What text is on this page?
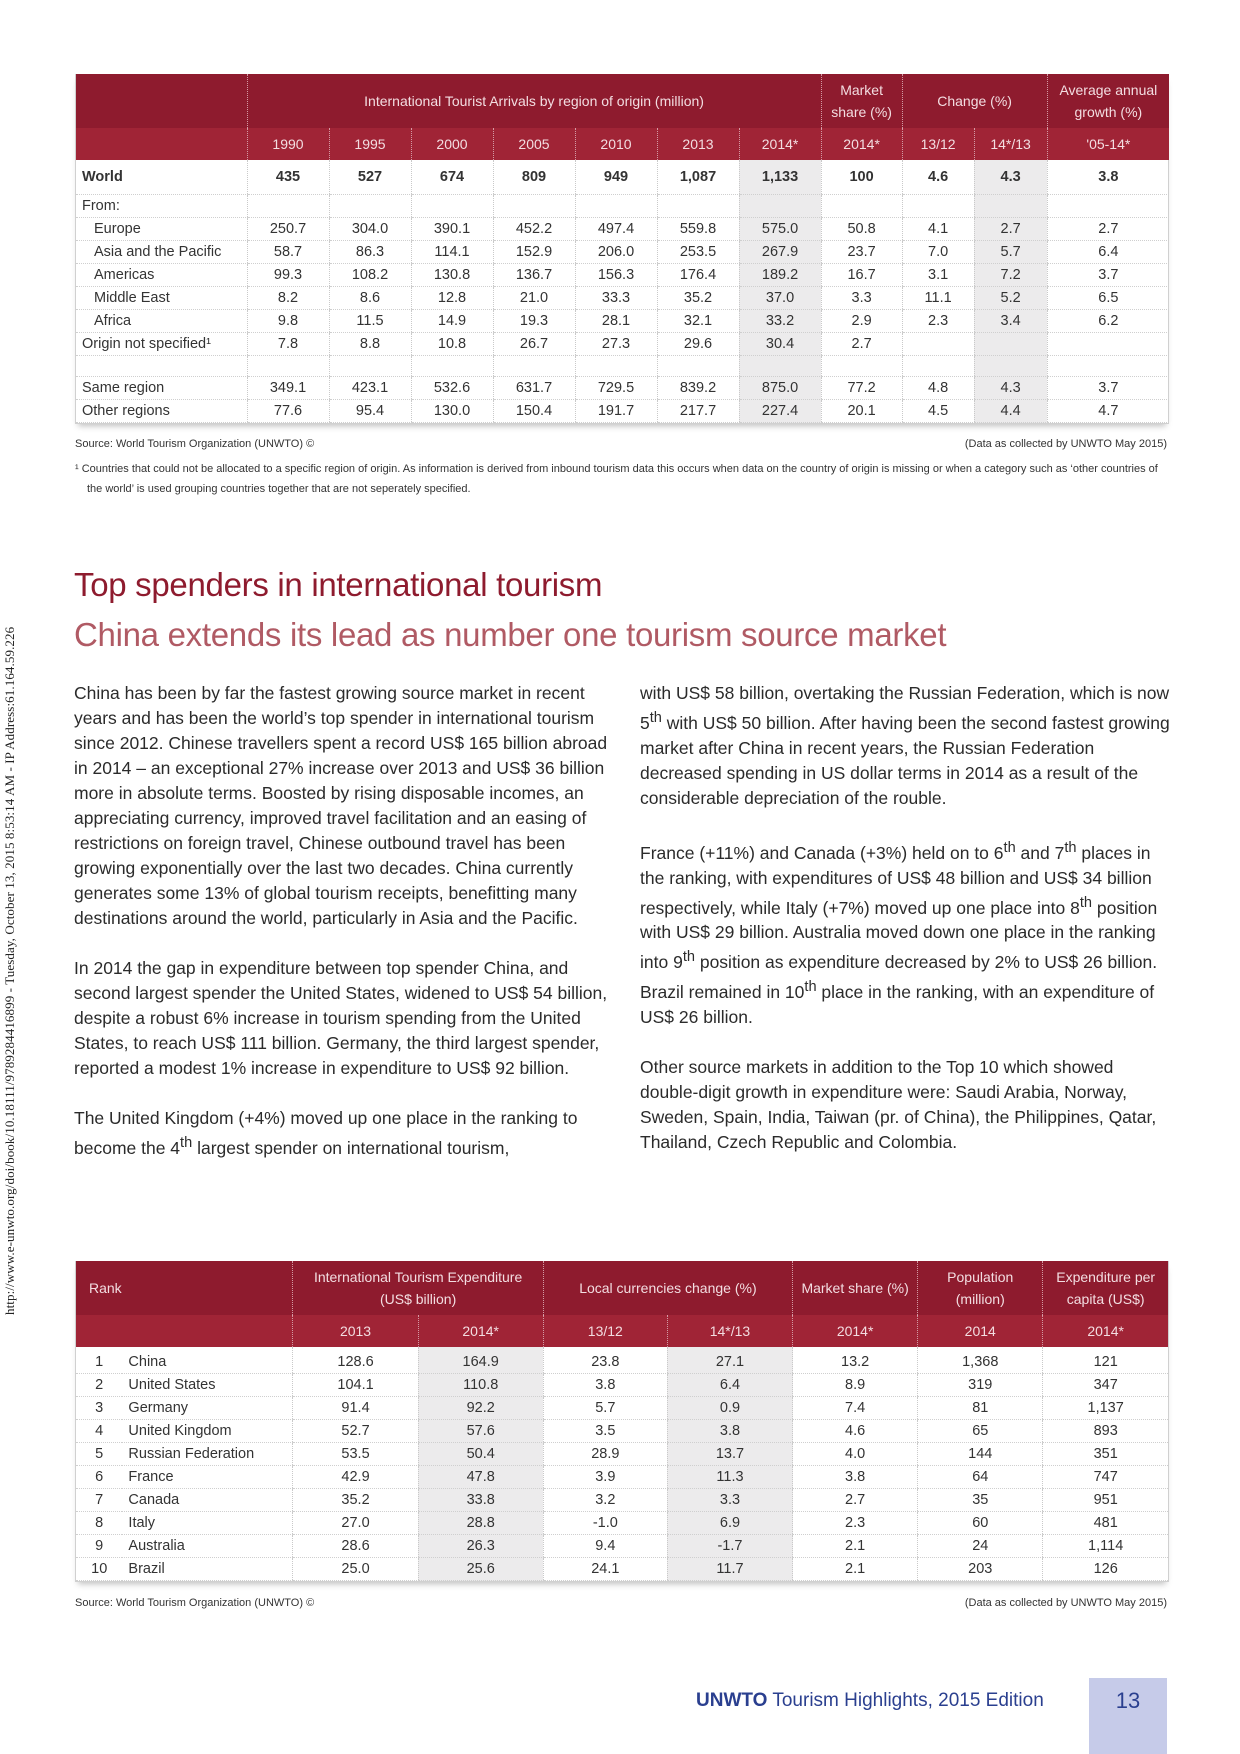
http://www.e-unwto.org/doi/book/10.18111/9789284416899 - Tuesday, October 13, 2015 8:53:14 AM - IP Address:61.164.59.226
	International Tourist Arrivals by region of origin (million)							Market share (%)	Change (%)		Average annual growth (%)
	1990	1995	2000	2005	2010	2013	2014*	2014*	13/12	14*/13	'05-14*
World	435	527	674	809	949	1,087	1,133	100	4.6	4.3	3.8
From:											
Europe	250.7	304.0	390.1	452.2	497.4	559.8	575.0	50.8	4.1	2.7	2.7
Asia and the Pacific	58.7	86.3	114.1	152.9	206.0	253.5	267.9	23.7	7.0	5.7	6.4
Americas	99.3	108.2	130.8	136.7	156.3	176.4	189.2	16.7	3.1	7.2	3.7
Middle East	8.2	8.6	12.8	21.0	33.3	35.2	37.0	3.3	11.1	5.2	6.5
Africa	9.8	11.5	14.9	19.3	28.1	32.1	33.2	2.9	2.3	3.4	6.2
Origin not specified¹	7.8	8.8	10.8	26.7	27.3	29.6	30.4	2.7			

Same region	349.1	423.1	532.6	631.7	729.5	839.2	875.0	77.2	4.8	4.3	3.7
Other regions	77.6	95.4	130.0	150.4	191.7	217.7	227.4	20.1	4.5	4.4	4.7
Source: World Tourism Organization (UNWTO) ©	(Data as collected by UNWTO May 2015)
¹ Countries that could not be allocated to a specific region of origin. As information is derived from inbound tourism data this occurs when data on the country of origin is missing or when a category such as ‘other countries of the world’ is used grouping countries together that are not seperately specified.
Top spenders in international tourism
China extends its lead as number one tourism source market

China has been by far the fastest growing source market in recent years and has been the world’s top spender in international tourism since 2012. Chinese travellers spent a record US$ 165 billion abroad in 2014 – an exceptional 27% increase over 2013 and US$ 36 billion more in absolute terms. Boosted by rising disposable incomes, an appreciating currency, improved travel facilitation and an easing of restrictions on foreign travel, Chinese outbound travel has been growing exponentially over the last two decades. China currently generates some 13% of global tourism receipts, benefitting many destinations around the world, particularly in Asia and the Pacific.

In 2014 the gap in expenditure between top spender China, and second largest spender the United States, widened to US$ 54 billion, despite a robust 6% increase in tourism spending from the United States, to reach US$ 111 billion. Germany, the third largest spender, reported a modest 1% increase in expenditure to US$ 92 billion.

The United Kingdom (+4%) moved up one place in the ranking to become the 4th largest spender on international tourism,

with US$ 58 billion, overtaking the Russian Federation, which is now 5th with US$ 50 billion. After having been the second fastest growing market after China in recent years, the Russian Federation decreased spending in US dollar terms in 2014 as a result of the considerable depreciation of the rouble.

France (+11%) and Canada (+3%) held on to 6th and 7th places in the ranking, with expenditures of US$ 48 billion and US$ 34 billion respectively, while Italy (+7%) moved up one place into 8th position with US$ 29 billion. Australia moved down one place in the ranking into 9th position as expenditure decreased by 2% to US$ 26 billion. Brazil remained in 10th place in the ranking, with an expenditure of US$ 26 billion.

Other source markets in addition to the Top 10 which showed double-digit growth in expenditure were: Saudi Arabia, Norway, Sweden, Spain, India, Taiwan (pr. of China), the Philippines, Qatar, Thailand, Czech Republic and Colombia.

Rank		International Tourism Expenditure (US$ billion)		Local currencies change (%)		Market share (%)	Population (million)	Expenditure per capita (US$)
		2013	2014*	13/12	14*/13	2014*	2014	2014*
1	China	128.6	164.9	23.8	27.1	13.2	1,368	121
2	United States	104.1	110.8	3.8	6.4	8.9	319	347
3	Germany	91.4	92.2	5.7	0.9	7.4	81	1,137
4	United Kingdom	52.7	57.6	3.5	3.8	4.6	65	893
5	Russian Federation	53.5	50.4	28.9	13.7	4.0	144	351
6	France	42.9	47.8	3.9	11.3	3.8	64	747
7	Canada	35.2	33.8	3.2	3.3	2.7	35	951
8	Italy	27.0	28.8	-1.0	6.9	2.3	60	481
9	Australia	28.6	26.3	9.4	-1.7	2.1	24	1,114
10	Brazil	25.0	25.6	24.1	11.7	2.1	203	126
Source: World Tourism Organization (UNWTO) ©	(Data as collected by UNWTO May 2015)
UNWTO Tourism Highlights, 2015 Edition	13
